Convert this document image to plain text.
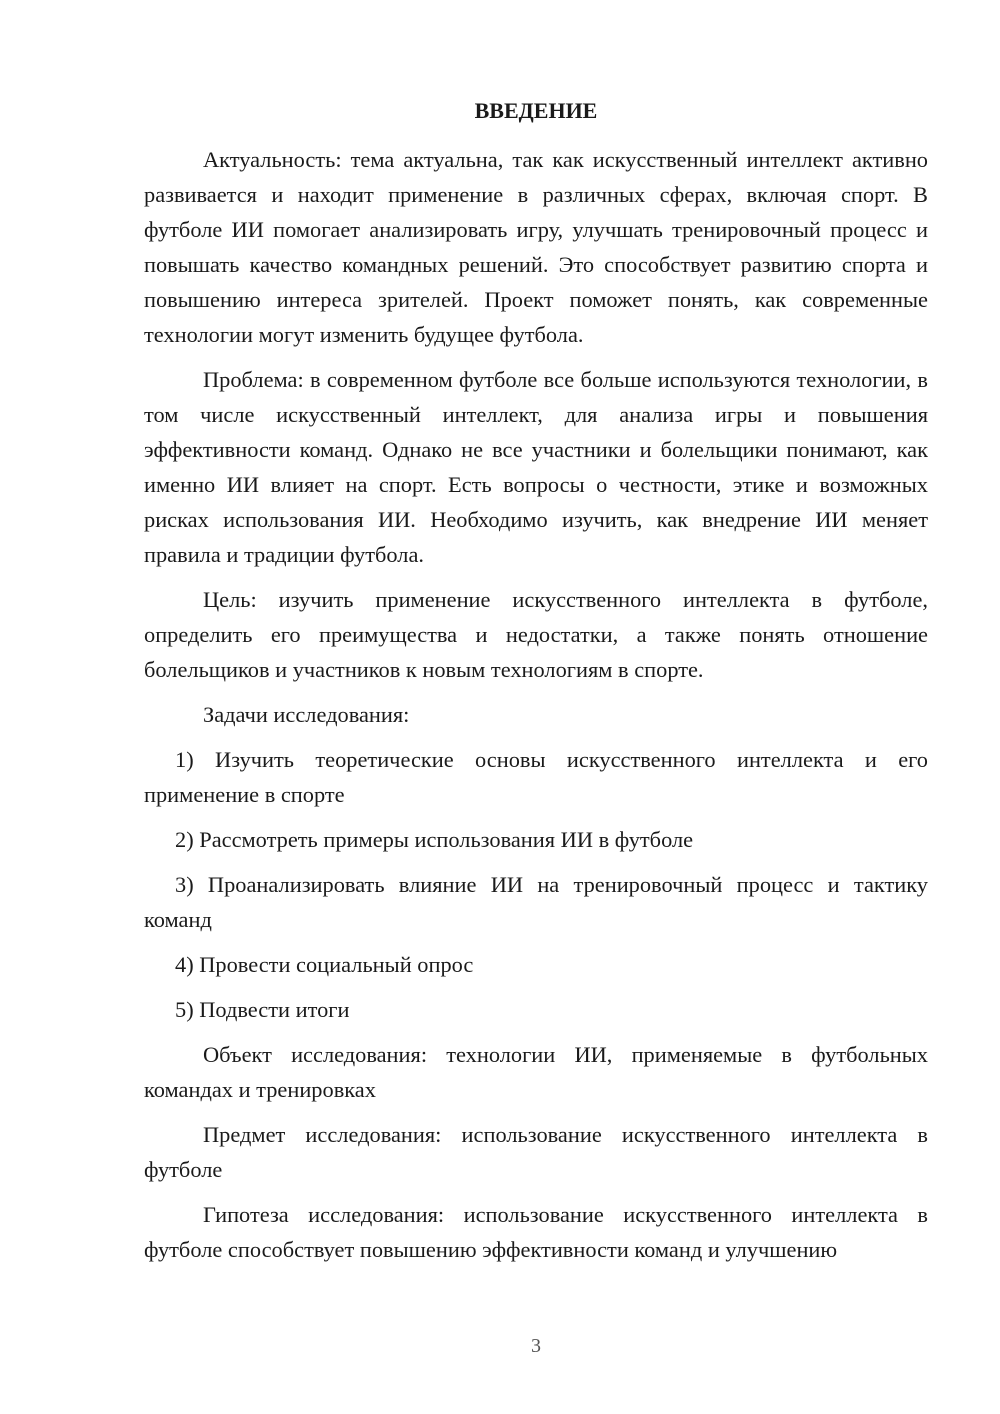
ВВЕДЕНИЕ

Актуальность: тема актуальна, так как искусственный интеллект активно развивается и находит применение в различных сферах, включая спорт. В футболе ИИ помогает анализировать игру, улучшать тренировочный процесс и повышать качество командных решений. Это способствует развитию спорта и повышению интереса зрителей. Проект поможет понять, как современные технологии могут изменить будущее футбола.

Проблема: в современном футболе все больше используются технологии, в том числе искусственный интеллект, для анализа игры и повышения эффективности команд. Однако не все участники и болельщики понимают, как именно ИИ влияет на спорт. Есть вопросы о честности, этике и возможных рисках использования ИИ. Необходимо изучить, как внедрение ИИ меняет правила и традиции футбола.

Цель: изучить применение искусственного интеллекта в футболе, определить его преимущества и недостатки, а также понять отношение болельщиков и участников к новым технологиям в спорте.

Задачи исследования:

1) Изучить теоретические основы искусственного интеллекта и его применение в спорте

2) Рассмотреть примеры использования ИИ в футболе

3) Проанализировать влияние ИИ на тренировочный процесс и тактику команд

4) Провести социальный опрос

5) Подвести итоги

Объект исследования: технологии ИИ, применяемые в футбольных командах и тренировках

Предмет исследования: использование искусственного интеллекта в футболе

Гипотеза исследования: использование искусственного интеллекта в футболе способствует повышению эффективности команд и улучшению

3
